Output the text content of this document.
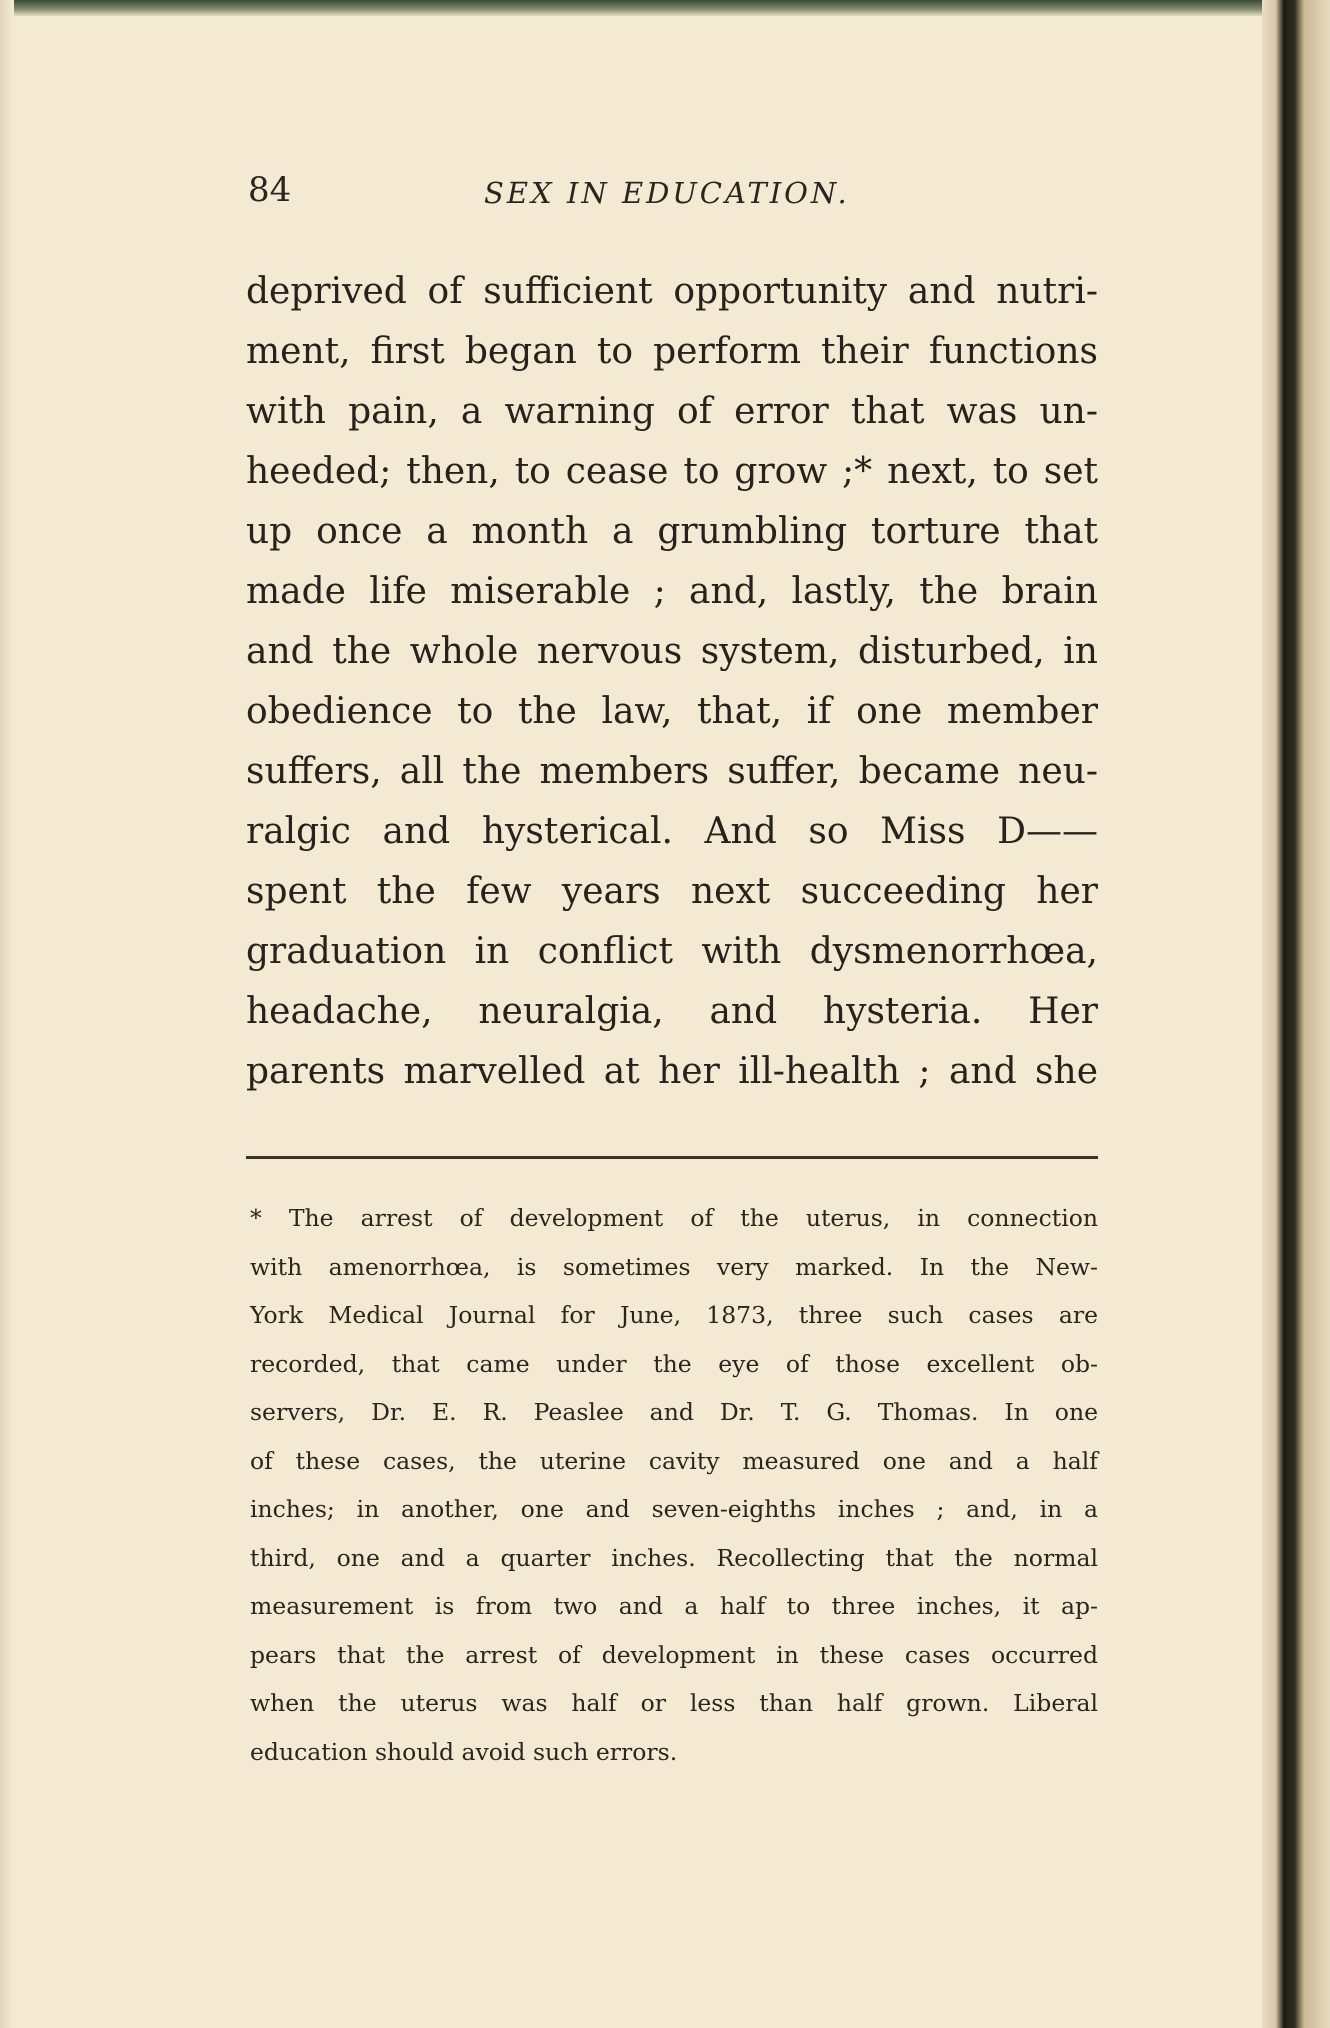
84	SEX IN EDUCATION.
deprived of sufficient opportunity and nutri-
ment, first began to perform their functions
with pain, a warning of error that was un-
heeded; then, to cease to grow ;* next, to set
up once a month a grumbling torture that
made life miserable ; and, lastly, the brain
and the whole nervous system, disturbed, in
obedience to the law, that, if one member
suffers, all the members suffer, became neu-
ralgic and hysterical. And so Miss D——
spent the few years next succeeding her
graduation in conflict with dysmenorrhœa,
headache, neuralgia, and hysteria. Her
parents marvelled at her ill-health ; and she
* The arrest of development of the uterus, in connection
with amenorrhœa, is sometimes very marked. In the New-
York Medical Journal for June, 1873, three such cases are
recorded, that came under the eye of those excellent ob-
servers, Dr. E. R. Peaslee and Dr. T. G. Thomas. In one
of these cases, the uterine cavity measured one and a half
inches; in another, one and seven-eighths inches ; and, in a
third, one and a quarter inches. Recollecting that the normal
measurement is from two and a half to three inches, it ap-
pears that the arrest of development in these cases occurred
when the uterus was half or less than half grown. Liberal
education should avoid such errors.
